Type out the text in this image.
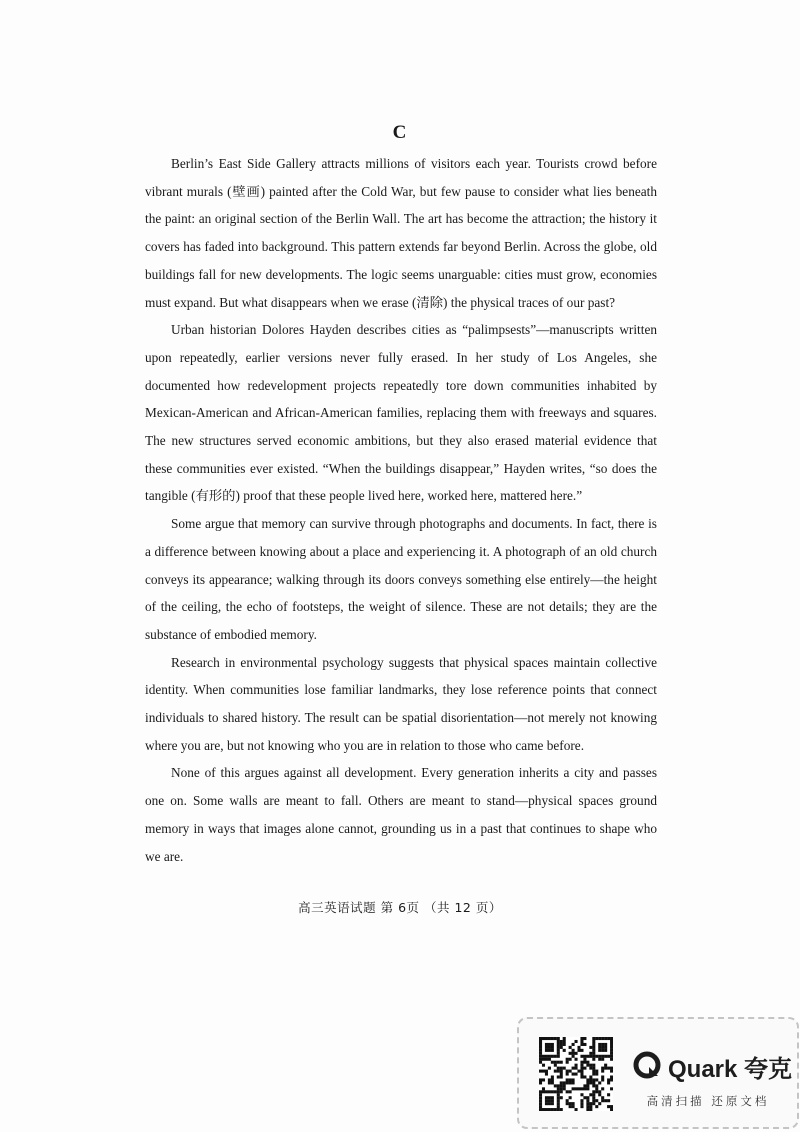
C

Berlin’s East Side Gallery attracts millions of visitors each year. Tourists crowd before vibrant murals (壁画) painted after the Cold War, but few pause to consider what lies beneath the paint: an original section of the Berlin Wall. The art has become the attraction; the history it covers has faded into background. This pattern extends far beyond Berlin. Across the globe, old buildings fall for new developments. The logic seems unarguable: cities must grow, economies must expand. But what disappears when we erase (清除) the physical traces of our past?

Urban historian Dolores Hayden describes cities as “palimpsests”—manuscripts written upon repeatedly, earlier versions never fully erased. In her study of Los Angeles, she documented how redevelopment projects repeatedly tore down communities inhabited by Mexican-American and African-American families, replacing them with freeways and squares. The new structures served economic ambitions, but they also erased material evidence that these communities ever existed. “When the buildings disappear,” Hayden writes, “so does the tangible (有形的) proof that these people lived here, worked here, mattered here.”

Some argue that memory can survive through photographs and documents. In fact, there is a difference between knowing about a place and experiencing it. A photograph of an old church conveys its appearance; walking through its doors conveys something else entirely—the height of the ceiling, the echo of footsteps, the weight of silence. These are not details; they are the substance of embodied memory.

Research in environmental psychology suggests that physical spaces maintain collective identity. When communities lose familiar landmarks, they lose reference points that connect individuals to shared history. The result can be spatial disorientation—not merely not knowing where you are, but not knowing who you are in relation to those who came before.

None of this argues against all development. Every generation inherits a city and passes one on. Some walls are meant to fall. Others are meant to stand—physical spaces ground memory in ways that images alone cannot, grounding us in a past that continues to shape who we are.

高三英语试题 第 6页 （共 12 页）
Quark 夸克
高清扫描 还原文档
